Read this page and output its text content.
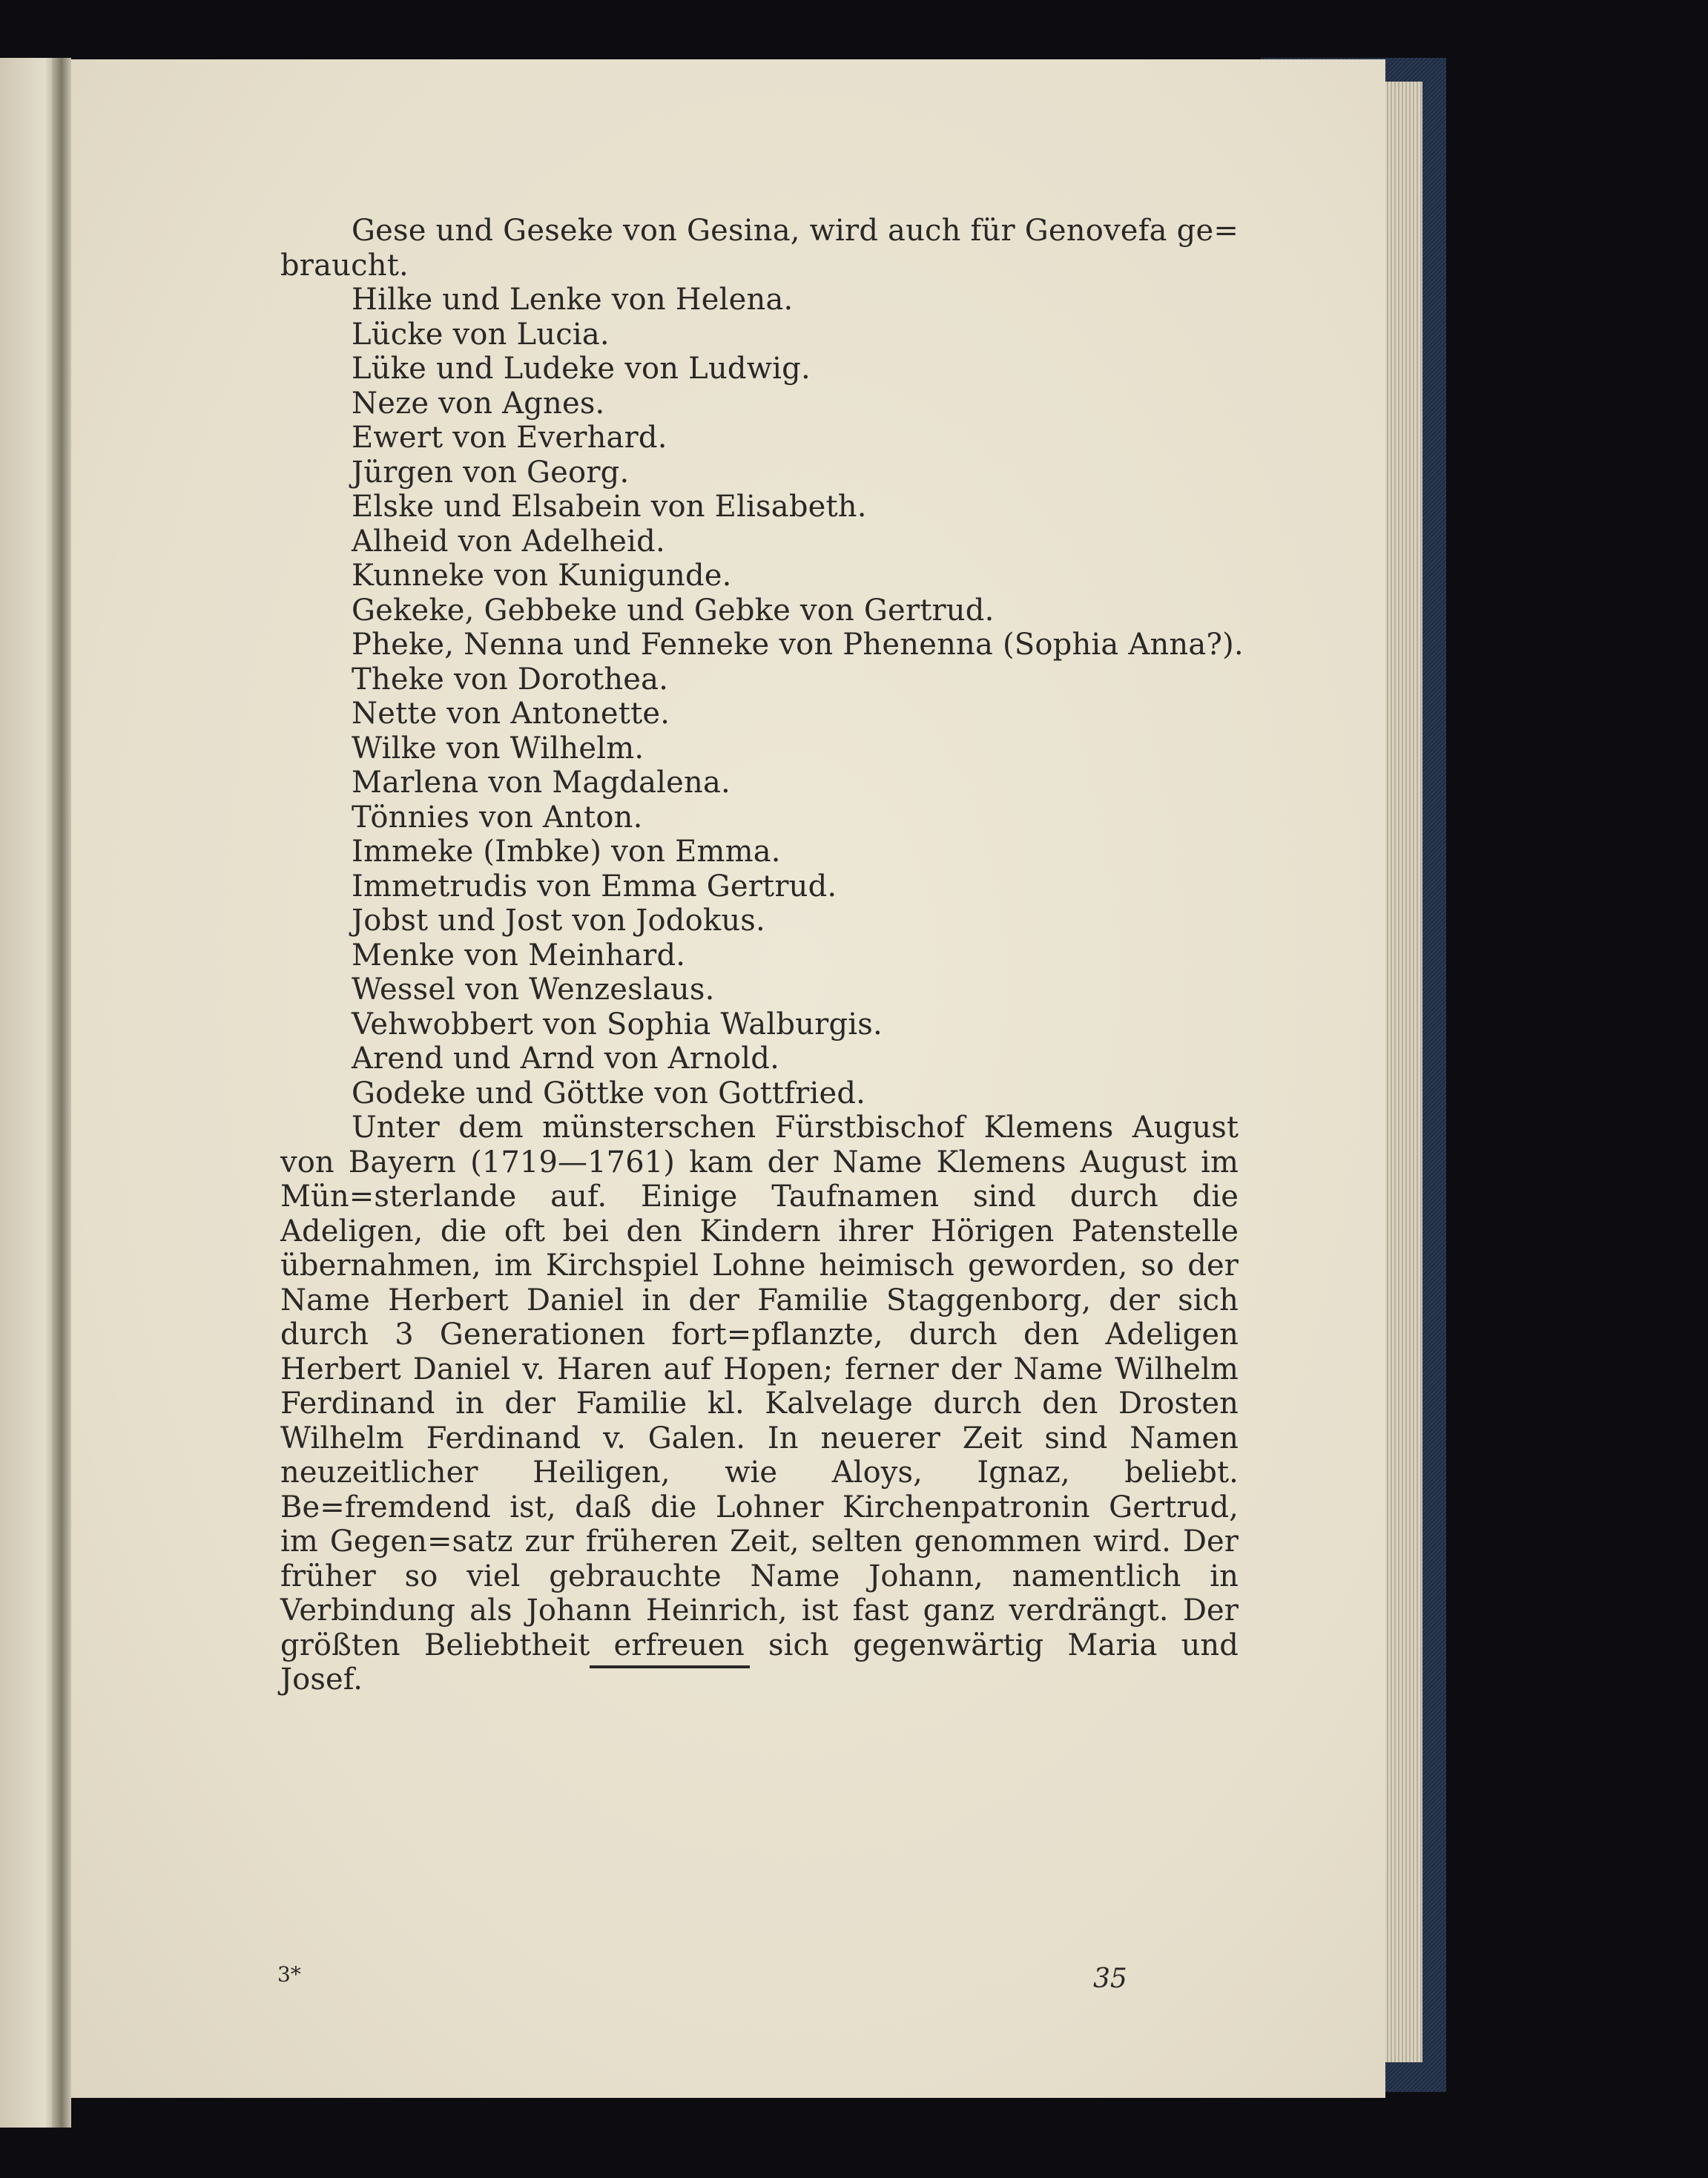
Gese und Geseke von Gesina, wird auch für Genovefa ge=
braucht.
Hilke und Lenke von Helena.
Lücke von Lucia.
Lüke und Ludeke von Ludwig.
Neze von Agnes.
Ewert von Everhard.
Jürgen von Georg.
Elske und Elsabein von Elisabeth.
Alheid von Adelheid.
Kunneke von Kunigunde.
Gekeke, Gebbeke und Gebke von Gertrud.
Pheke, Nenna und Fenneke von Phenenna (Sophia Anna?).
Theke von Dorothea.
Nette von Antonette.
Wilke von Wilhelm.
Marlena von Magdalena.
Tönnies von Anton.
Immeke (Imbke) von Emma.
Immetrudis von Emma Gertrud.
Jobst und Jost von Jodokus.
Menke von Meinhard.
Wessel von Wenzeslaus.
Vehwobbert von Sophia Walburgis.
Arend und Arnd von Arnold.
Godeke und Göttke von Gottfried.

Unter dem münsterschen Fürstbischof Klemens August von Bayern (1719—1761) kam der Name Klemens August im Mün=sterlande auf. Einige Taufnamen sind durch die Adeligen, die oft bei den Kindern ihrer Hörigen Patenstelle übernahmen, im Kirchspiel Lohne heimisch geworden, so der Name Herbert Daniel in der Familie Staggenborg, der sich durch 3 Generationen fort=pflanzte, durch den Adeligen Herbert Daniel v. Haren auf Hopen; ferner der Name Wilhelm Ferdinand in der Familie kl. Kalvelage durch den Drosten Wilhelm Ferdinand v. Galen. In neuerer Zeit sind Namen neuzeitlicher Heiligen, wie Aloys, Ignaz, beliebt. Be=fremdend ist, daß die Lohner Kirchenpatronin Gertrud, im Gegen=satz zur früheren Zeit, selten genommen wird. Der früher so viel gebrauchte Name Johann, namentlich in Verbindung als Johann Heinrich, ist fast ganz verdrängt. Der größten Beliebtheit erfreuen sich gegenwärtig Maria und Josef.

3*	35
